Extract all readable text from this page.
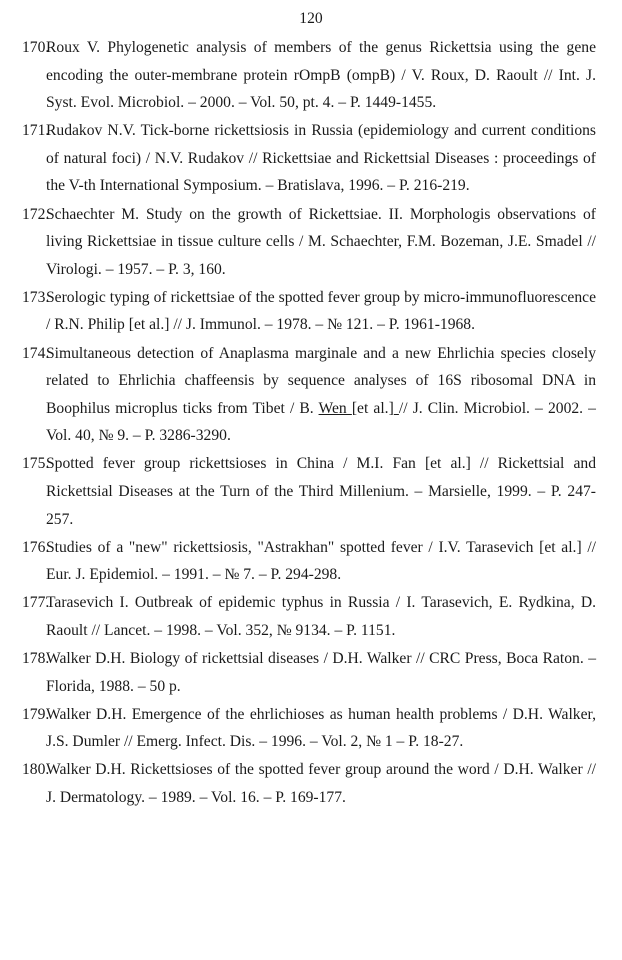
120
170.
Roux V. Phylogenetic analysis of members of the genus Rickettsia using the gene encoding the outer-membrane protein rOmpB (ompB) / V. Roux, D. Raoult // Int. J. Syst. Evol. Microbiol. – 2000. – Vol. 50, pt. 4. – P. 1449-1455.
171.
Rudakov N.V. Tick-borne rickettsiosis in Russia (epidemiology and current conditions of natural foci) / N.V. Rudakov // Rickettsiae and Rickettsial Diseases : proceedings of the V-th International Symposium. – Bratislava, 1996. – P. 216-219.
172.
Schaechter M. Study on the growth of Rickettsiae. II. Morphologis observations of living Rickettsiae in tissue culture cells / M. Schaechter, F.M. Bozeman, J.E. Smadel // Virologi. – 1957. – P. 3, 160.
173.
Serologic typing of rickettsiae of the spotted fever group by micro-immunofluorescence / R.N. Philip [et al.] // J. Immunol. – 1978. – № 121. – P. 1961-1968.
174.
Simultaneous detection of Anaplasma marginale and a new Ehrlichia species closely related to Ehrlichia chaffeensis by sequence analyses of 16S ribosomal DNA in Boophilus microplus ticks from Tibet / B. Wen [et al.] // J. Clin. Microbiol. – 2002. – Vol. 40, № 9. – P. 3286-3290.
175.
Spotted fever group rickettsioses in China / M.I. Fan [et al.] // Rickettsial and Rickettsial Diseases at the Turn of the Third Millenium. – Marsielle, 1999. – P. 247-257.
176.
Studies of a "new" rickettsiosis, "Astrakhan" spotted fever / I.V. Tarasevich [et al.] // Eur. J. Epidemiol. – 1991. – № 7. – P. 294-298.
177.
Tarasevich I. Outbreak of epidemic typhus in Russia / I. Tarasevich, E. Rydkina, D. Raoult // Lancet. – 1998. – Vol. 352, № 9134. – P. 1151.
178.
Walker D.H. Biology of rickettsial diseases / D.H. Walker // CRC Press, Boca Raton. – Florida, 1988. – 50 p.
179.
Walker D.H. Emergence of the ehrlichioses as human health problems / D.H. Walker, J.S. Dumler // Emerg. Infect. Dis. – 1996. – Vol. 2, № 1 – P. 18-27.
180.
Walker D.H. Rickettsioses of the spotted fever group around the word / D.H. Walker // J. Dermatology. – 1989. – Vol. 16. – P. 169-177.
